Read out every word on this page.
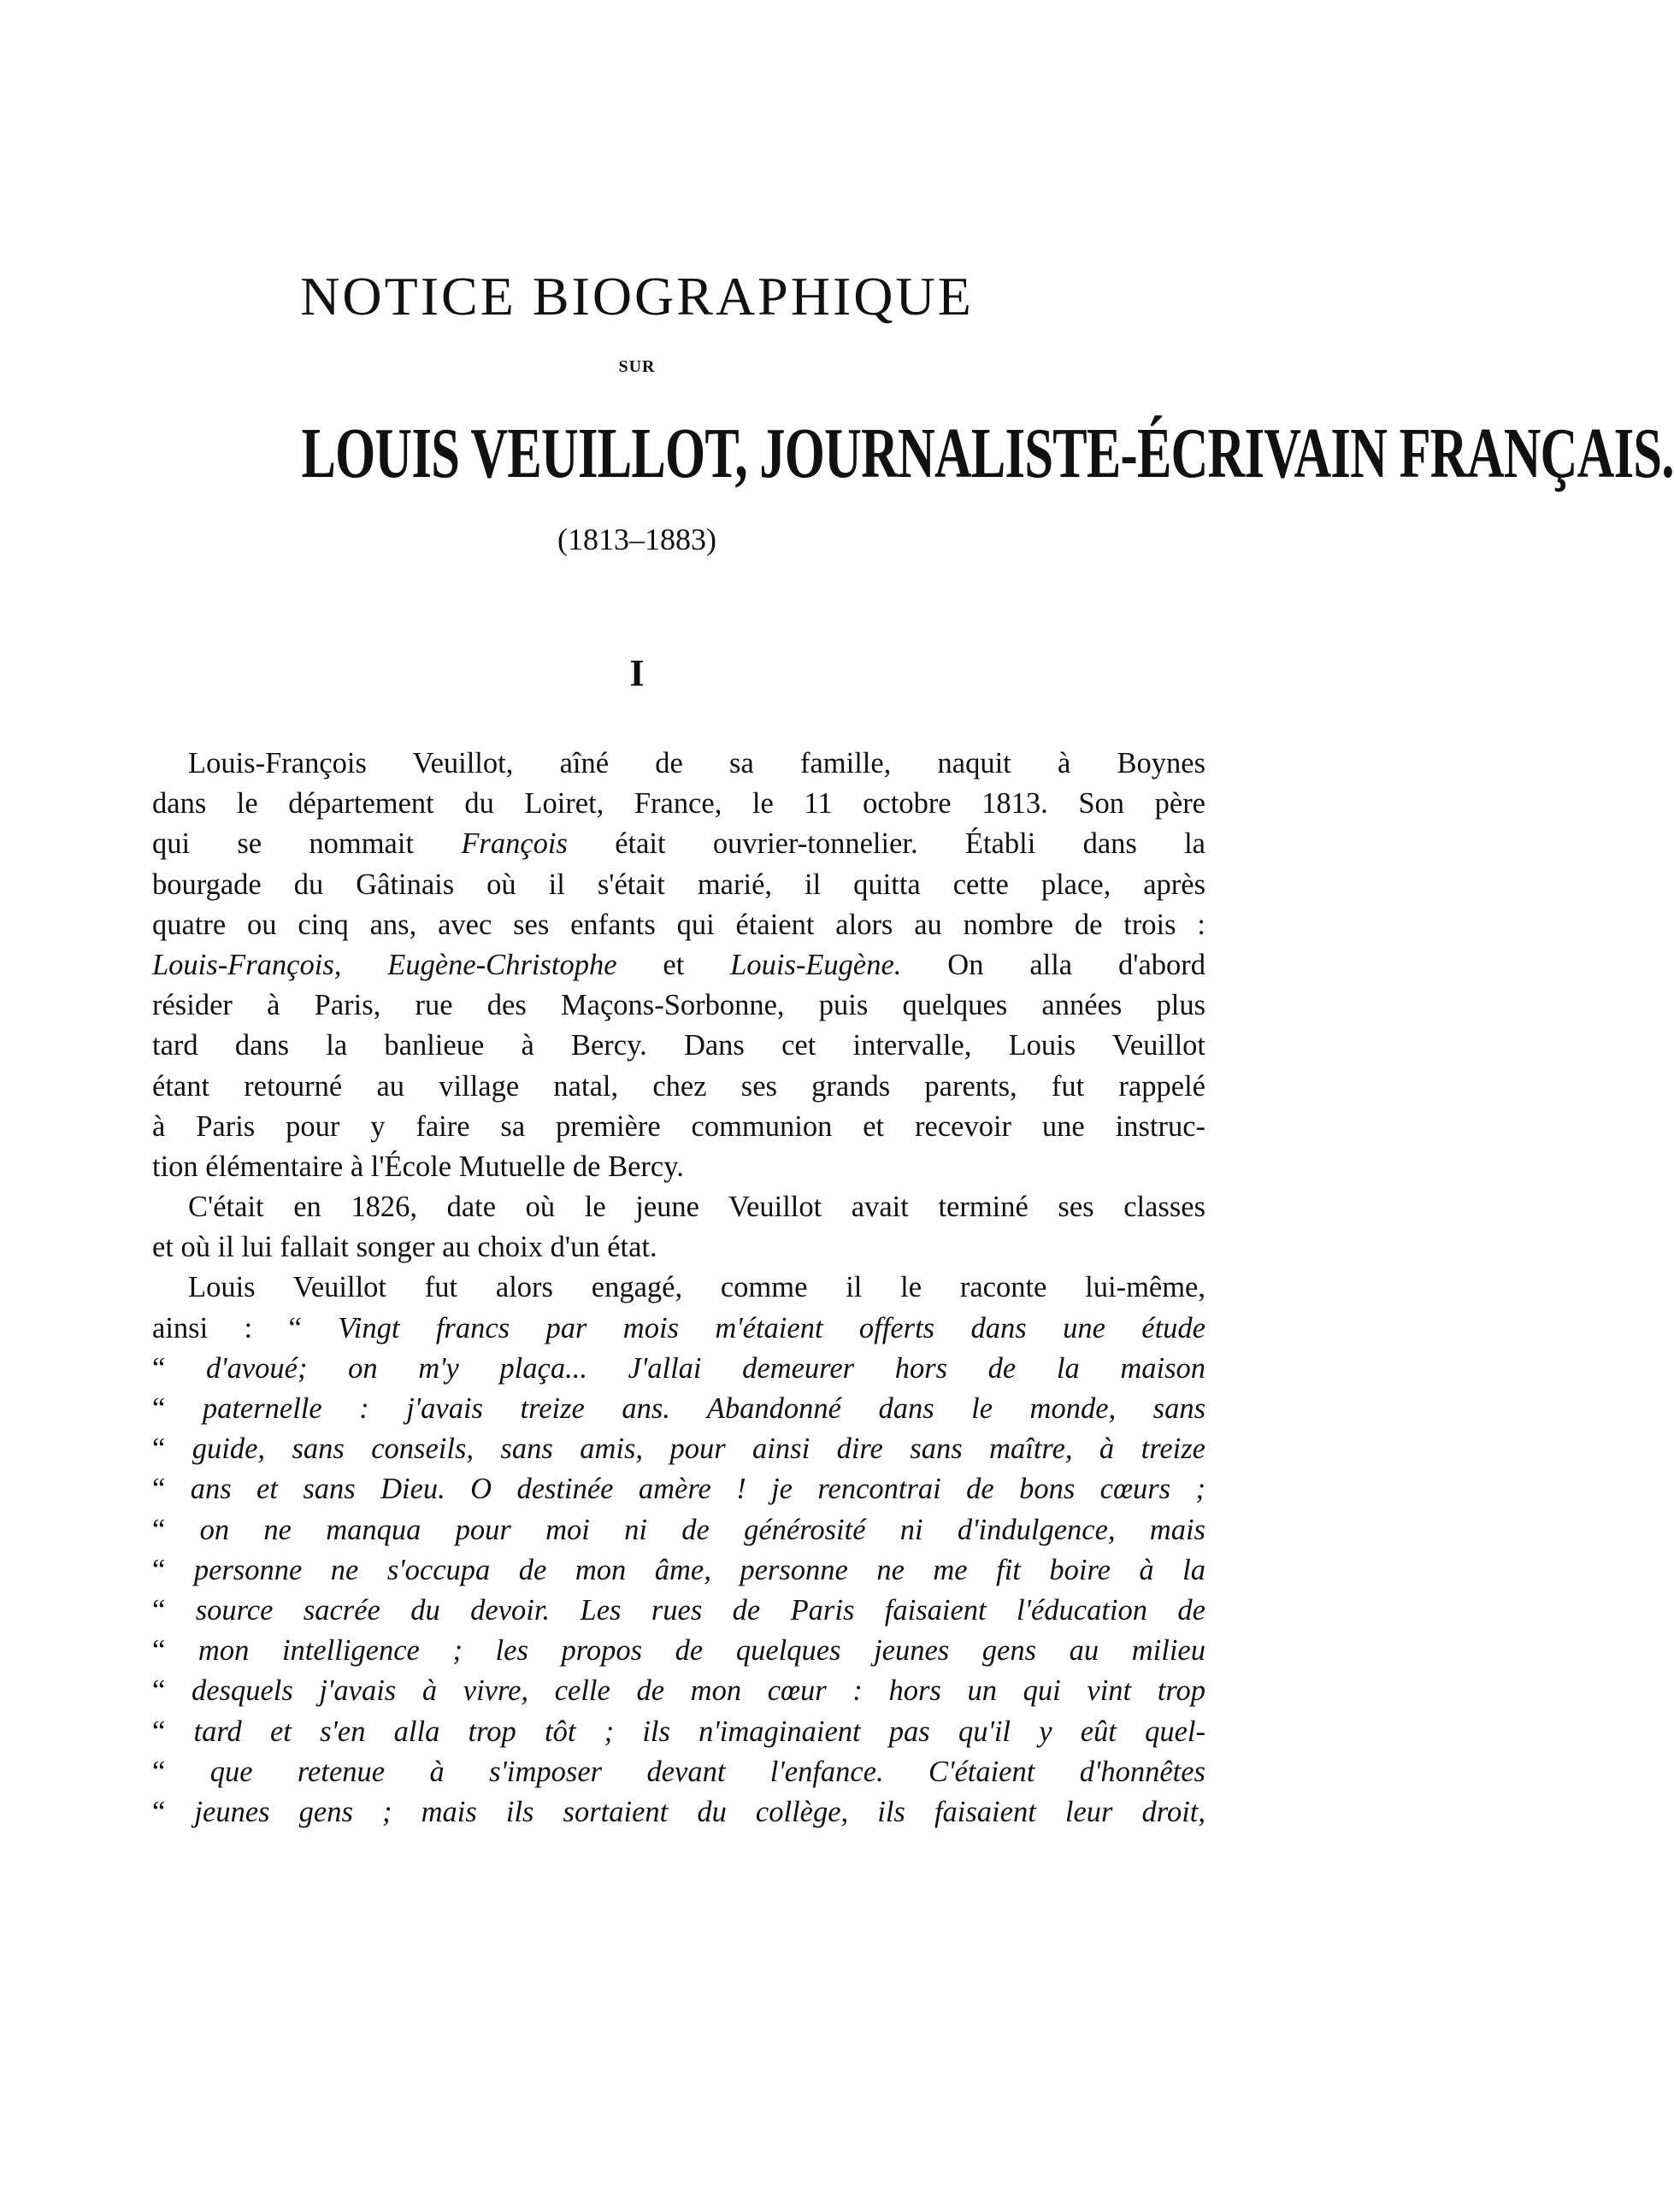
NOTICE BIOGRAPHIQUE
SUR
LOUIS VEUILLOT, JOURNALISTE-ÉCRIVAIN FRANÇAIS.
(1813–1883)
I
Louis-François Veuillot, aîné de sa famille, naquit à Boynes
dans le département du Loiret, France, le 11 octobre 1813. Son père
qui se nommait François était ouvrier-tonnelier. Établi dans la
bourgade du Gâtinais où il s'était marié, il quitta cette place, après
quatre ou cinq ans, avec ses enfants qui étaient alors au nombre de trois :
Louis-François, Eugène-Christophe et Louis-Eugène. On alla d'abord
résider à Paris, rue des Maçons-Sorbonne, puis quelques années plus
tard dans la banlieue à Bercy. Dans cet intervalle, Louis Veuillot
étant retourné au village natal, chez ses grands parents, fut rappelé
à Paris pour y faire sa première communion et recevoir une instruc-
tion élémentaire à l'École Mutuelle de Bercy.
C'était en 1826, date où le jeune Veuillot avait terminé ses classes
et où il lui fallait songer au choix d'un état.
Louis Veuillot fut alors engagé, comme il le raconte lui-même,
ainsi : “ Vingt francs par mois m'étaient offerts dans une étude
“ d'avoué; on m'y plaça... J'allai demeurer hors de la maison
“ paternelle : j'avais treize ans. Abandonné dans le monde, sans
“ guide, sans conseils, sans amis, pour ainsi dire sans maître, à treize
“ ans et sans Dieu. O destinée amère ! je rencontrai de bons cœurs ;
“ on ne manqua pour moi ni de générosité ni d'indulgence, mais
“ personne ne s'occupa de mon âme, personne ne me fit boire à la
“ source sacrée du devoir. Les rues de Paris faisaient l'éducation de
“ mon intelligence ; les propos de quelques jeunes gens au milieu
“ desquels j'avais à vivre, celle de mon cœur : hors un qui vint trop
“ tard et s'en alla trop tôt ; ils n'imaginaient pas qu'il y eût quel-
“ que retenue à s'imposer devant l'enfance. C'étaient d'honnêtes
“ jeunes gens ; mais ils sortaient du collège, ils faisaient leur droit,
